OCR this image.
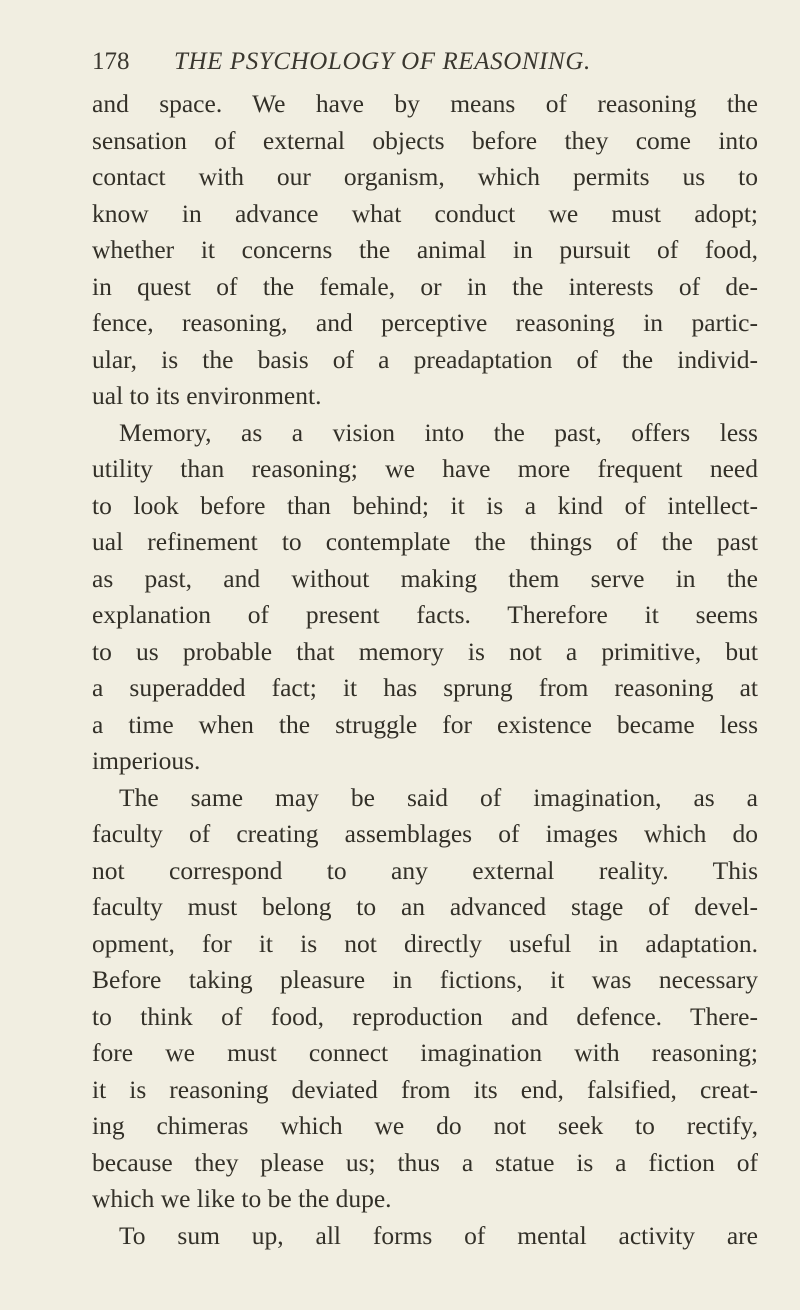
178 THE PSYCHOLOGY OF REASONING.
and space. We have by means of reasoning the
sensation of external objects before they come into
contact with our organism, which permits us to
know in advance what conduct we must adopt;
whether it concerns the animal in pursuit of food,
in quest of the female, or in the interests of de-
fence, reasoning, and perceptive reasoning in partic-
ular, is the basis of a preadaptation of the individ-
ual to its environment.
Memory, as a vision into the past, offers less
utility than reasoning; we have more frequent need
to look before than behind; it is a kind of intellect-
ual refinement to contemplate the things of the past
as past, and without making them serve in the
explanation of present facts. Therefore it seems
to us probable that memory is not a primitive, but
a superadded fact; it has sprung from reasoning at
a time when the struggle for existence became less
imperious.
The same may be said of imagination, as a
faculty of creating assemblages of images which do
not correspond to any external reality. This
faculty must belong to an advanced stage of devel-
opment, for it is not directly useful in adaptation.
Before taking pleasure in fictions, it was necessary
to think of food, reproduction and defence. There-
fore we must connect imagination with reasoning;
it is reasoning deviated from its end, falsified, creat-
ing chimeras which we do not seek to rectify,
because they please us; thus a statue is a fiction of
which we like to be the dupe.
To sum up, all forms of mental activity are
